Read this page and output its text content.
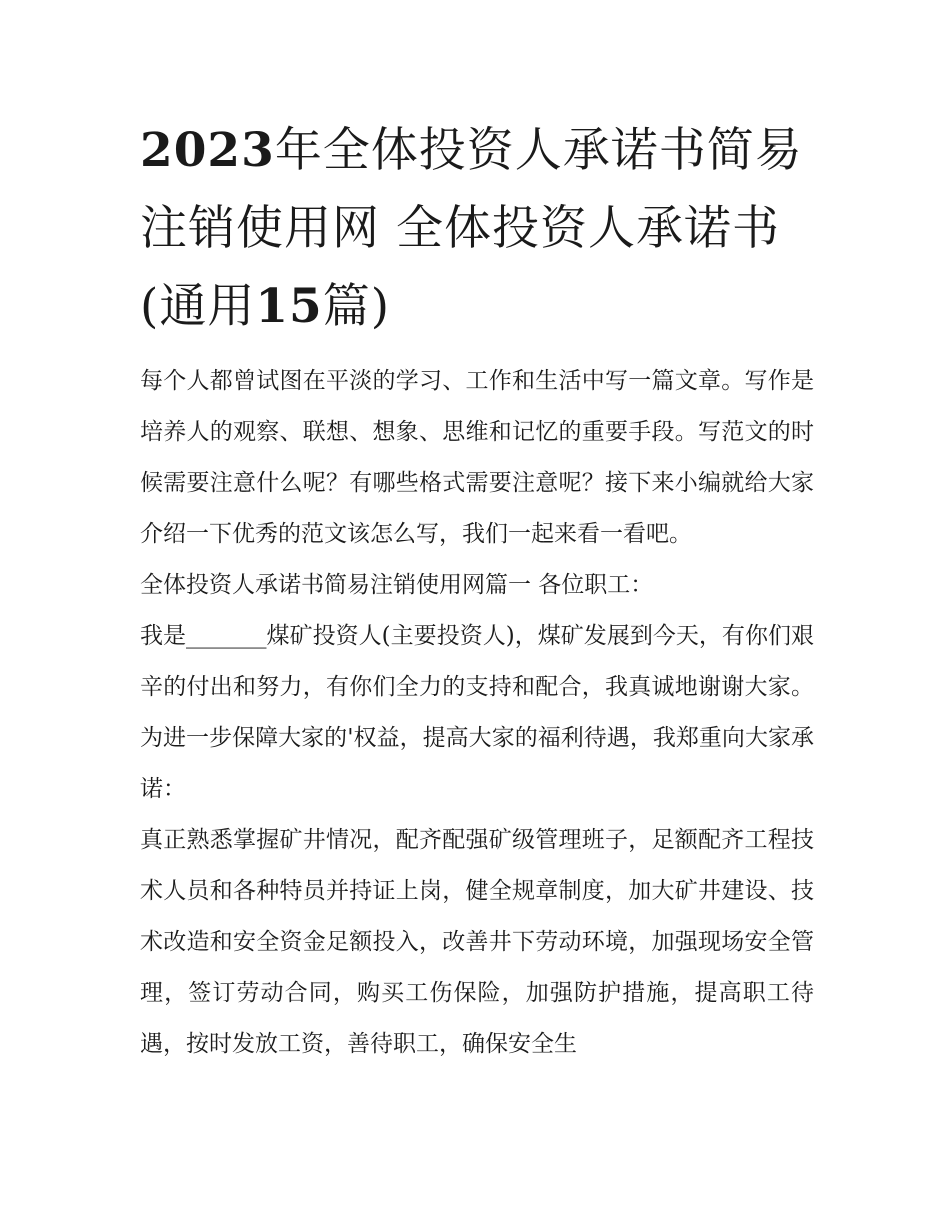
2023年全体投资人承诺书简易注销使用网 全体投资人承诺书(通用15篇)

每个人都曾试图在平淡的学习、工作和生活中写一篇文章。写作是培养人的观察、联想、想象、思维和记忆的重要手段。写范文的时候需要注意什么呢？有哪些格式需要注意呢？接下来小编就给大家介绍一下优秀的范文该怎么写，我们一起来看一看吧。

全体投资人承诺书简易注销使用网篇一 各位职工：

我是_______煤矿投资人(主要投资人)，煤矿发展到今天，有你们艰辛的付出和努力，有你们全力的支持和配合，我真诚地谢谢大家。为进一步保障大家的'权益，提高大家的福利待遇，我郑重向大家承诺：

真正熟悉掌握矿井情况，配齐配强矿级管理班子，足额配齐工程技术人员和各种特员并持证上岗，健全规章制度，加大矿井建设、技术改造和安全资金足额投入，改善井下劳动环境，加强现场安全管理，签订劳动合同，购买工伤保险，加强防护措施，提高职工待遇，按时发放工资，善待职工，确保安全生
